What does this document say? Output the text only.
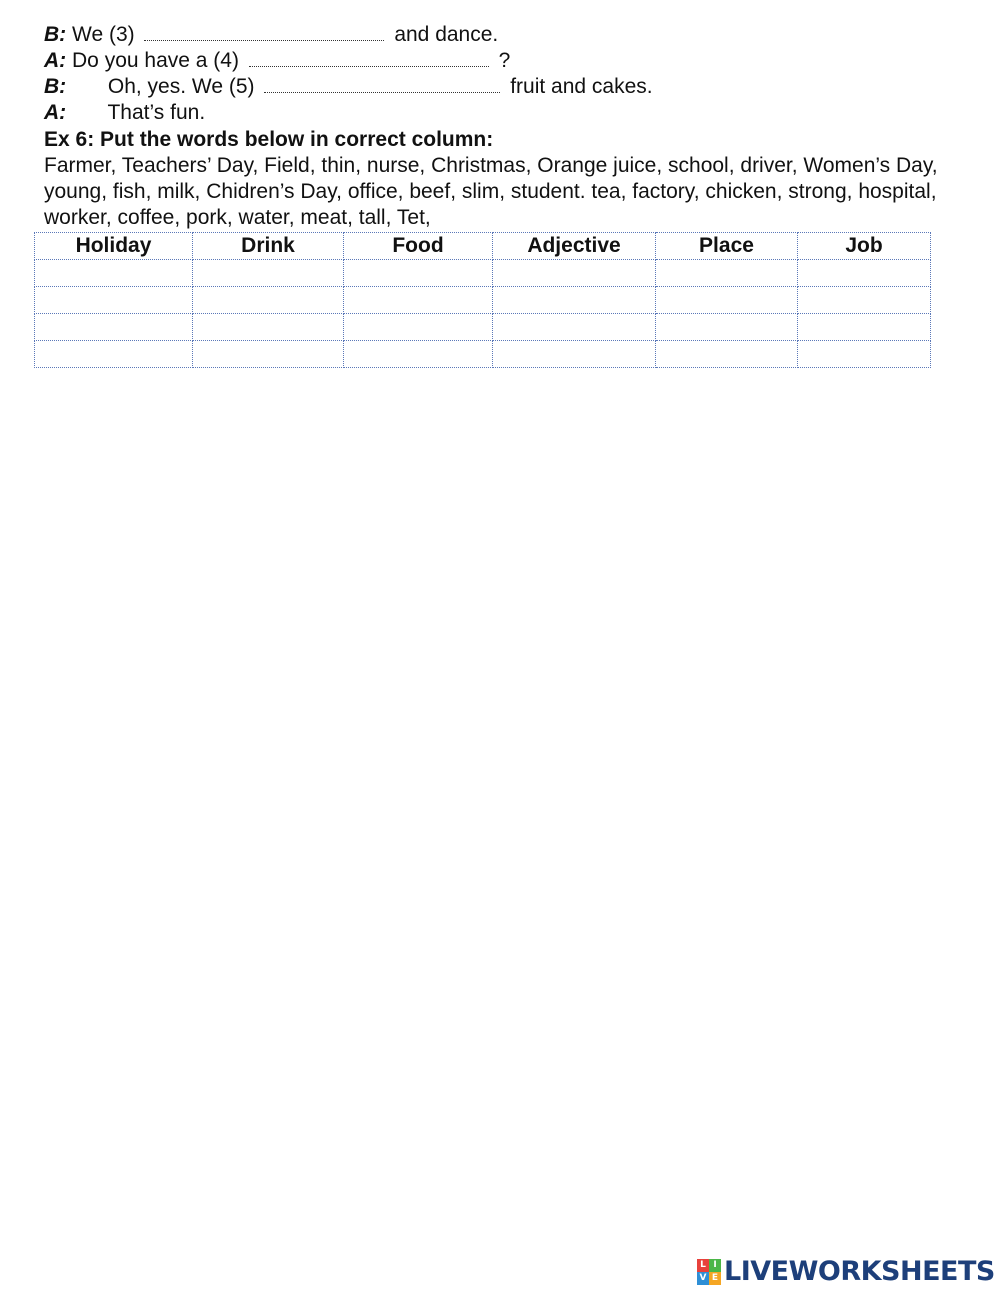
B: We (3)	and dance.
A: Do you have a (4)	?
B: Oh, yes. We (5)	fruit and cakes.
A: That’s fun.
Ex 6: Put the words below in correct column:
Farmer, Teachers’ Day, Field, thin, nurse, Christmas, Orange juice, school, driver, Women’s Day, young, fish, milk, Chidren’s Day, office, beef, slim, student. tea, factory, chicken, strong, hospital, worker, coffee, pork, water, meat, tall, Tet,
Holiday	Drink	Food	Adjective	Place	Job

L I
V E LIVEWORKSHEETS
